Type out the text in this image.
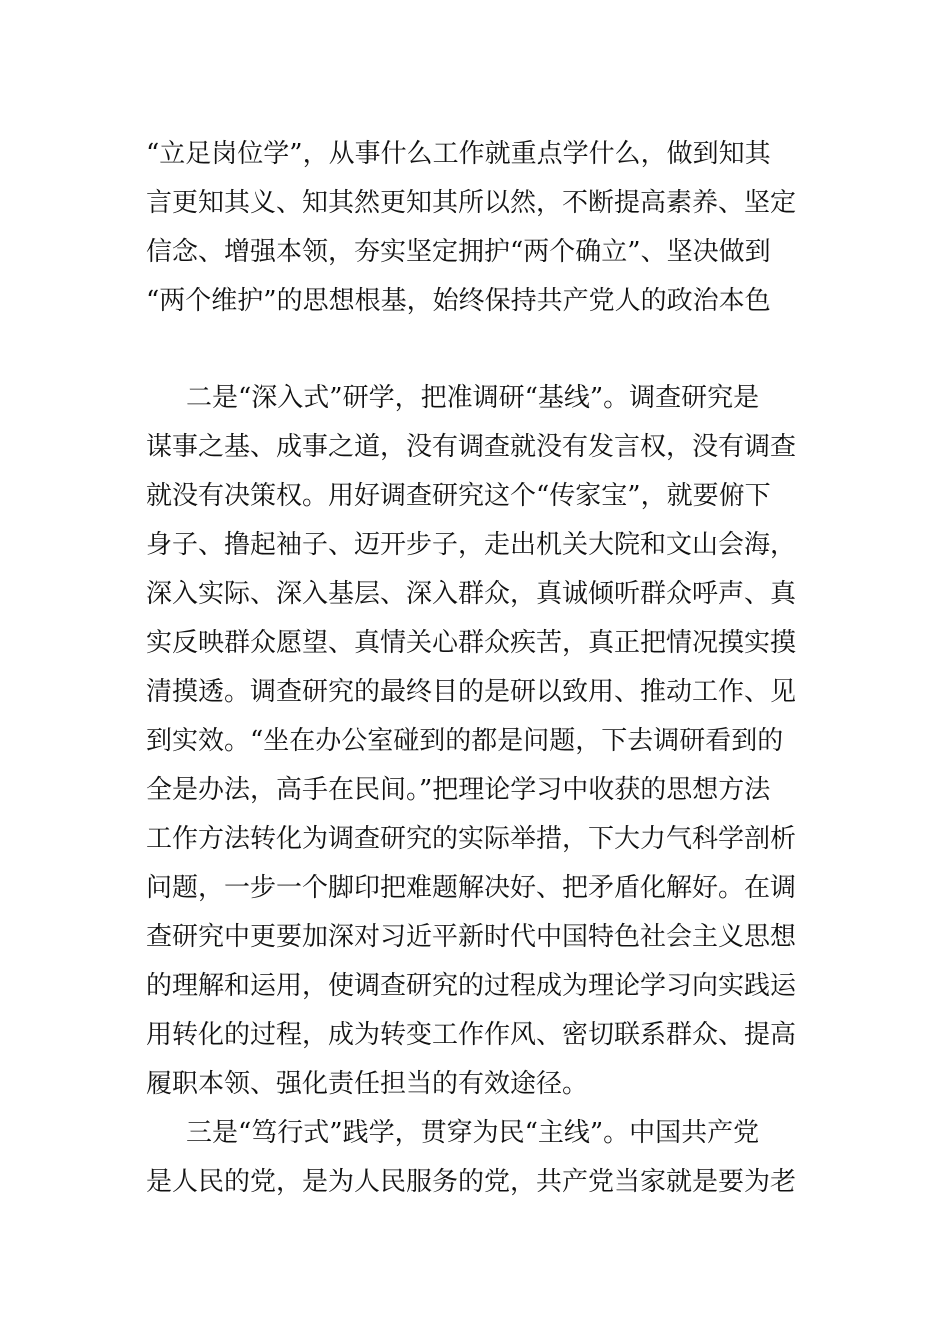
“立足岗位学”，从事什么工作就重点学什么，做到知其
言更知其义、知其然更知其所以然，不断提高素养、坚定
信念、增强本领，夯实坚定拥护“两个确立”、坚决做到
“两个维护”的思想根基，始终保持共产党人的政治本色
二是“深入式”研学，把准调研“基线”。调查研究是
谋事之基、成事之道，没有调查就没有发言权，没有调查
就没有决策权。用好调查研究这个“传家宝”，就要俯下
身子、撸起袖子、迈开步子，走出机关大院和文山会海，
深入实际、深入基层、深入群众，真诚倾听群众呼声、真
实反映群众愿望、真情关心群众疾苦，真正把情况摸实摸
清摸透。调查研究的最终目的是研以致用、推动工作、见
到实效。“坐在办公室碰到的都是问题，下去调研看到的
全是办法，高手在民间。”把理论学习中收获的思想方法
工作方法转化为调查研究的实际举措，下大力气科学剖析
问题，一步一个脚印把难题解决好、把矛盾化解好。在调
查研究中更要加深对习近平新时代中国特色社会主义思想
的理解和运用，使调查研究的过程成为理论学习向实践运
用转化的过程，成为转变工作作风、密切联系群众、提高
履职本领、强化责任担当的有效途径。
三是“笃行式”践学，贯穿为民“主线”。中国共产党
是人民的党，是为人民服务的党，共产党当家就是要为老
